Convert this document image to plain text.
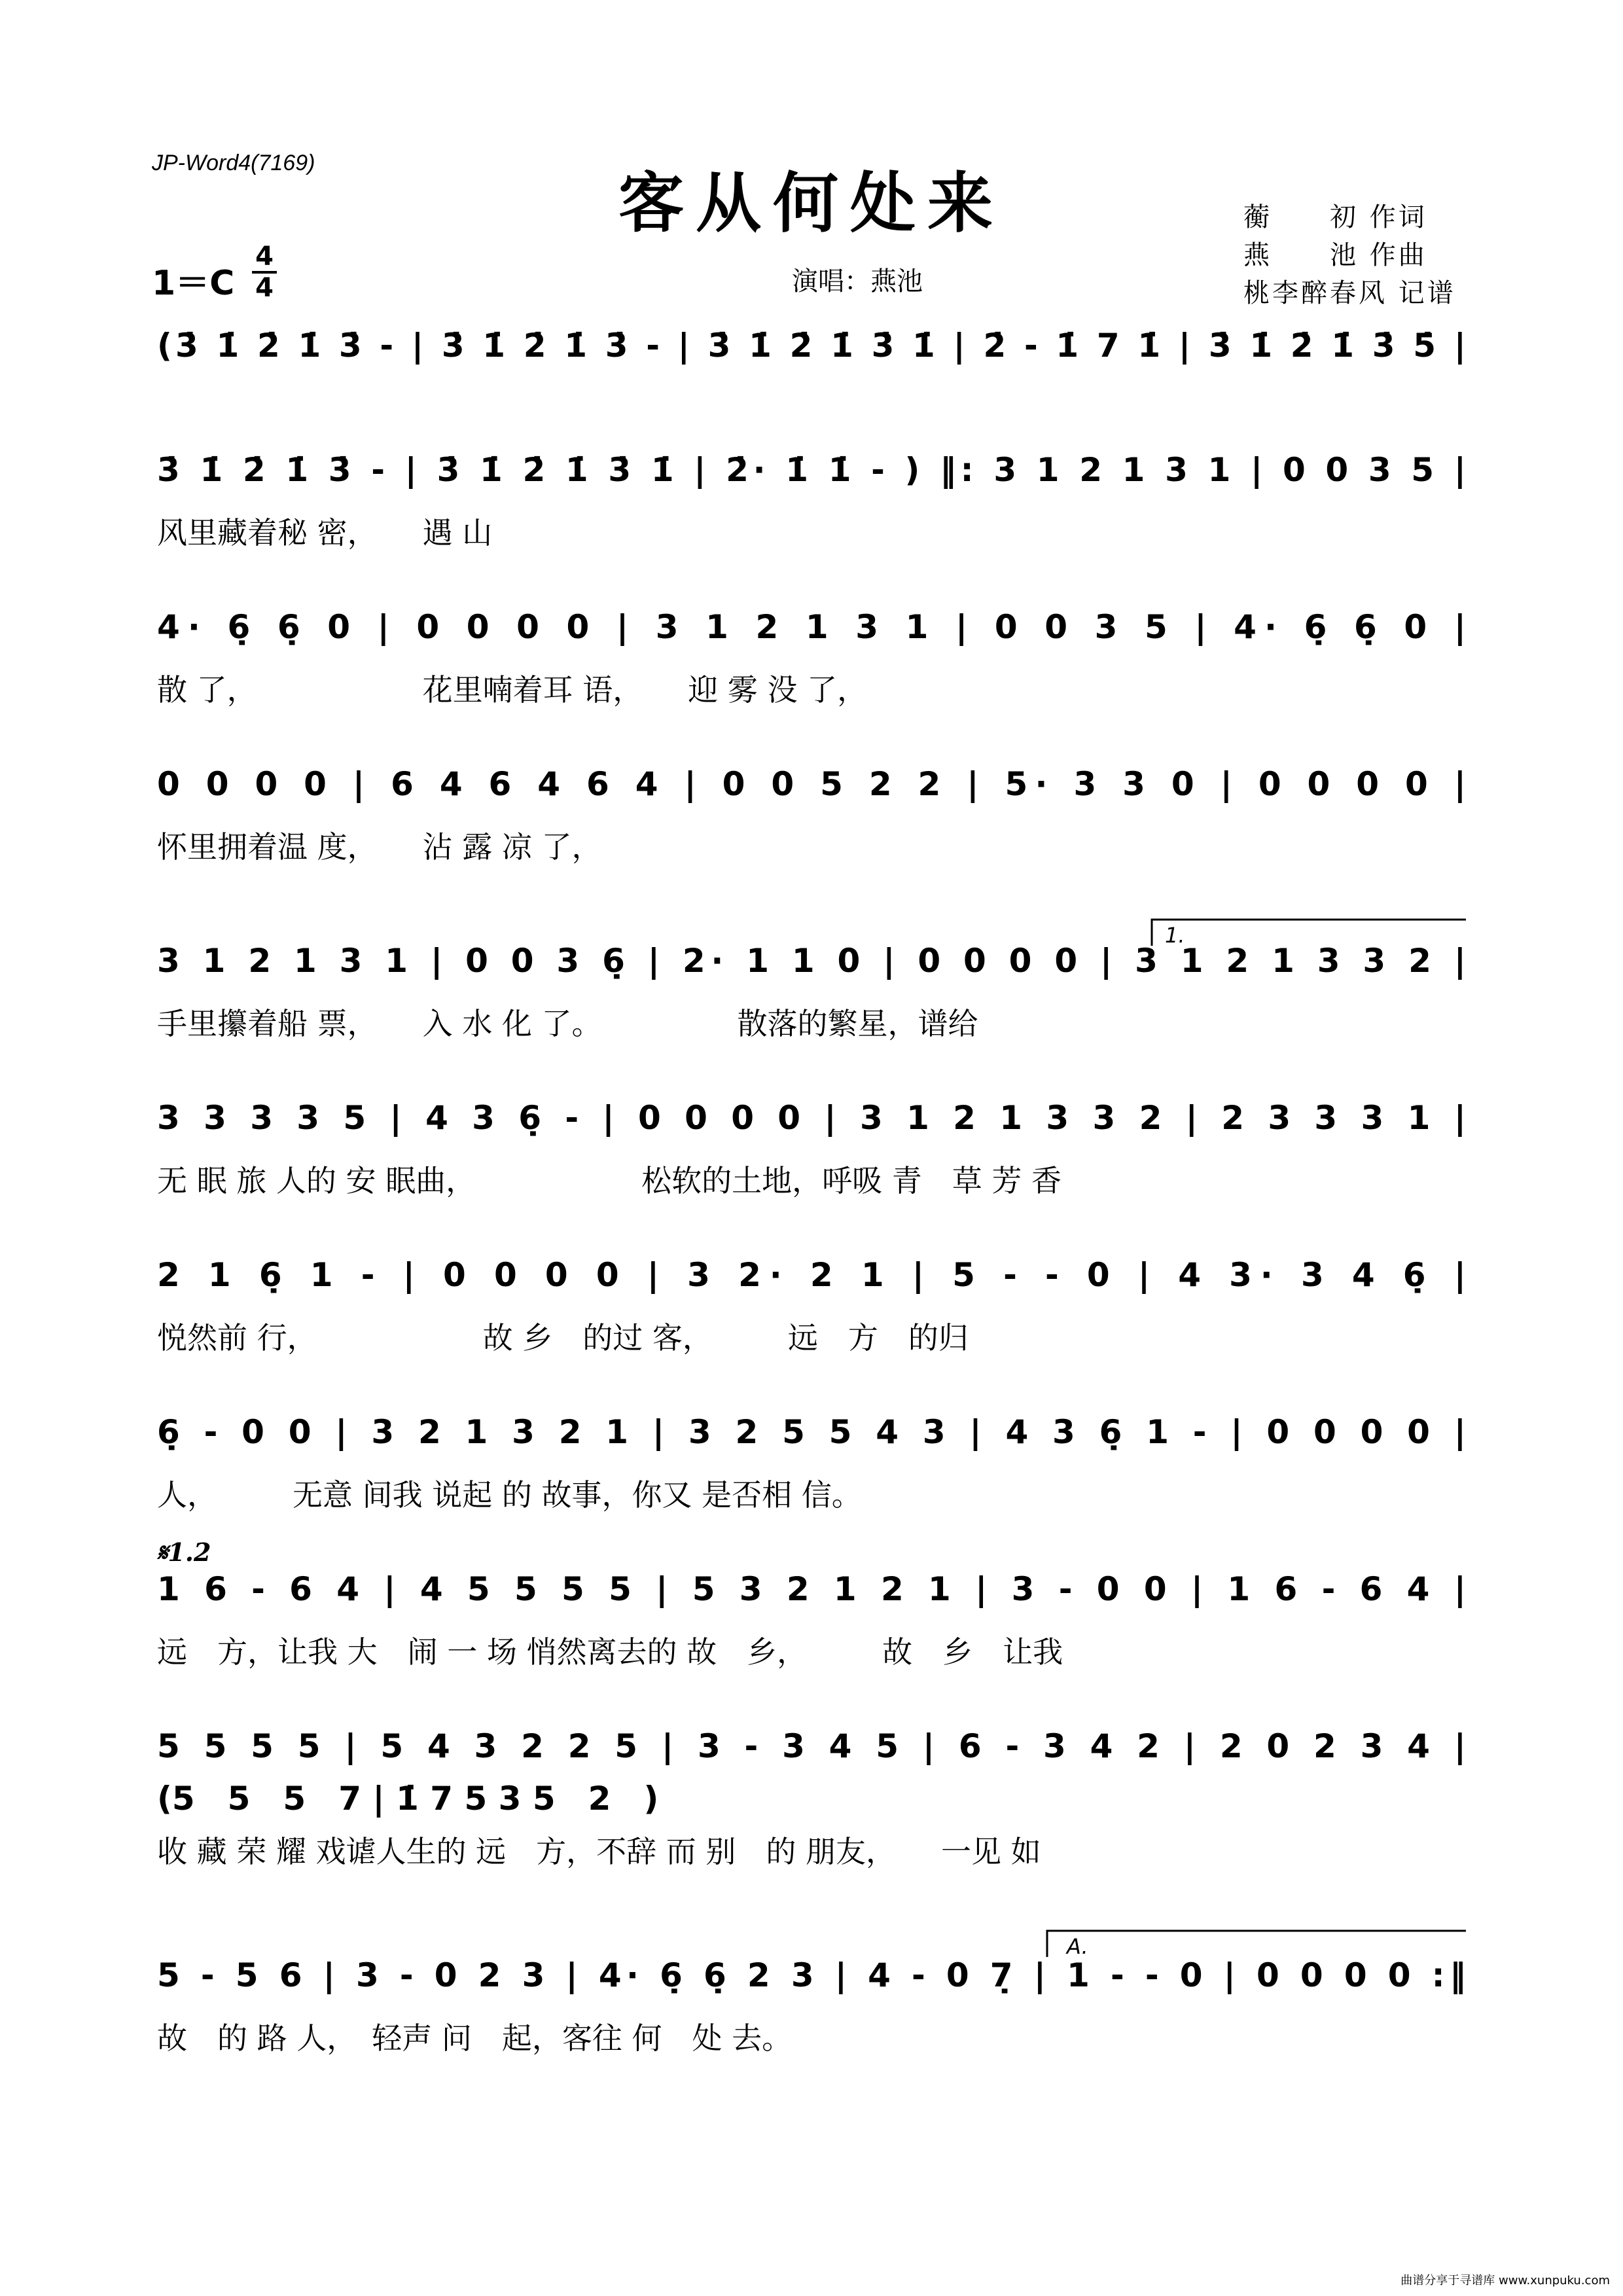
JP-Word4(7169)
客从何处来
1＝C
4
4	演唱：燕池
蘅　　初 作词
燕　　池 作曲
桃李醉春风 记谱
(3̇ 1̇ 2̇ 1̇ 3̇ - | 3̇ 1̇ 2̇ 1̇ 3̇ - | 3̇ 1̇ 2̇ 1̇ 3̇ 1̇ | 2̇ - 1̇ 7 1̇ | 3̇ 1̇ 2̇ 1̇ 3̇ 5̇ |
3̇ 1̇ 2̇ 1̇ 3̇ - | 3̇ 1̇ 2̇ 1̇ 3̇ 1̇ | 2̇· 1̇ 1̇ - ) ‖: 3 1 2 1 3 1 | 0 0 3 5 |
风里藏着秘 密，　　遇 山
4· 6̣ 6̣ 0 | 0 0 0 0 | 3 1 2 1 3 1 | 0 0 3 5 | 4· 6̣ 6̣ 0 |
散 了，　　　　　　花里喃着耳 语，　　迎 雾 没 了，
0 0 0 0 | 6 4 6 4 6 4 | 0 0 5 2 2 | 5· 3 3 0 | 0 0 0 0 |
怀里拥着温 度，　　沾 露 凉 了，
3 1 2 1 3 1 | 0 0 3 6̣ | 2· 1 1 0 | 0 0 0 0 | 3 1 2 1 3 3 2 |
手里攥着船 票，　　入 水 化 了。　　　　　散落的繁星，谱给
3 3 3 3 5 | 4 3 6̣ - | 0 0 0 0 | 3 1 2 1 3 3 2 | 2 3 3 3 1 |
无 眠 旅 人的 安 眠曲，　　　　　　松软的土地，呼吸 青　草 芳 香
2 1 6̣ 1 - | 0 0 0 0 | 3 2· 2 1 | 5 - - 0 | 4 3· 3 4 6̣ |
悦然前 行，　　　　　　故 乡　的过 客，　　　远　方　的归
6̣ - 0 0 | 3 2 1 3 2 1 | 3 2 5 5 4 3 | 4 3 6̣ 1 - | 0 0 0 0 |
人，　　　无意 间我 说起 的 故事，你又 是否相 信。
1 6 - 6 4 | 4 5 5 5 5 | 5 3 2 1 2 1 | 3 - 0 0 | 1 6 - 6 4 |
远　方，让我 大　闹 一 场 悄然离去的 故　乡，　　　故　乡　让我
5 5 5 5 | 5 4 3 2 2 5 | 3 - 3 4 5 | 6 - 3 4 2 | 2 0 2 3 4 |
(5　5　5　7 | 1̇ 7 5 3 5　2　)
收 藏 荣 耀 戏谑人生的 远　方，不辞 而 别　的 朋友，　　一见 如
5 - 5 6 | 3 - 0 2 3 | 4· 6̣ 6̣ 2 3 | 4 - 0 7̣ | 1 - - 0 | 0 0 0 0 :‖
故　的 路 人，　轻声 问　起，客往 何　处 去。
1.
A.
𝄋1.2
曲谱分享于寻谱库 www.xunpuku.com
